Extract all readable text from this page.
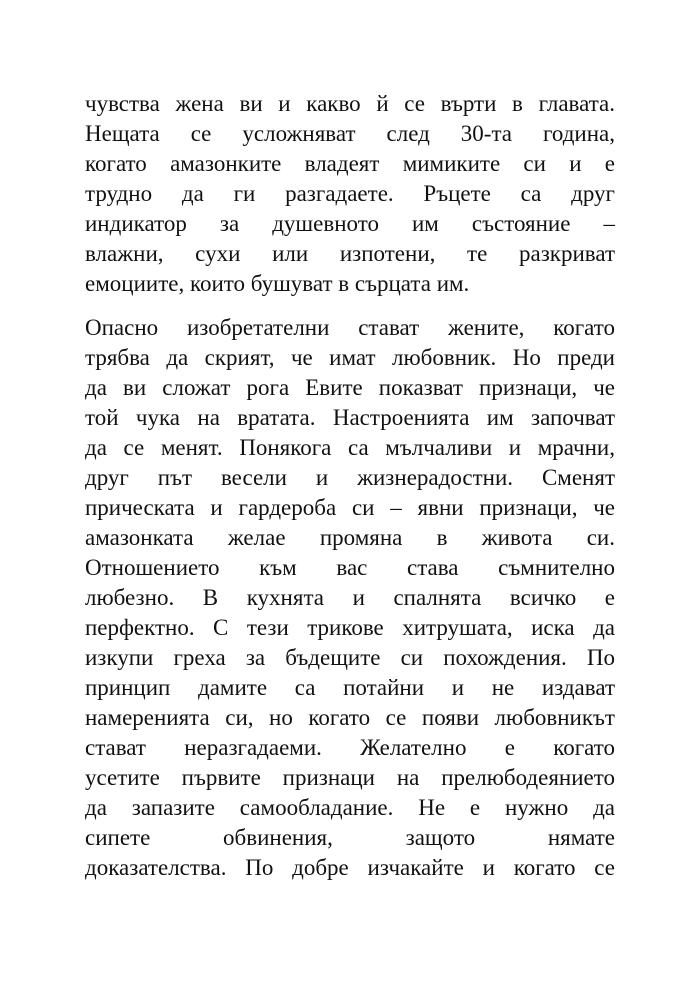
чувства жена ви и какво й се върти в главата.
Нещата се усложняват след 30-та година,
когато амазонките владеят мимиките си и е
трудно да ги разгадаете. Ръцете са друг
индикатор за душевното им състояние –
влажни, сухи или изпотени, те разкриват
емоциите, които бушуват в сърцата им.
Опасно изобретателни стават жените, когато
трябва да скрият, че имат любовник. Но преди
да ви сложат рога Евите показват признаци, че
той чука на вратата. Настроенията им започват
да се менят. Понякога са мълчаливи и мрачни,
друг път весели и жизнерадостни. Сменят
прическата и гардероба си – явни признаци, че
амазонката желае промяна в живота си.
Отношението към вас става съмнително
любезно. В кухнята и спалнята всичко е
перфектно. С тези трикове хитрушата, иска да
изкупи греха за бъдещите си похождения. По
принцип дамите са потайни и не издават
намеренията си, но когато се появи любовникът
стават неразгадаеми. Желателно е когато
усетите първите признаци на прелюбодеянието
да запазите самообладание. Не е нужно да
сипете обвинения, защото нямате
доказателства. По добре изчакайте и когато се
